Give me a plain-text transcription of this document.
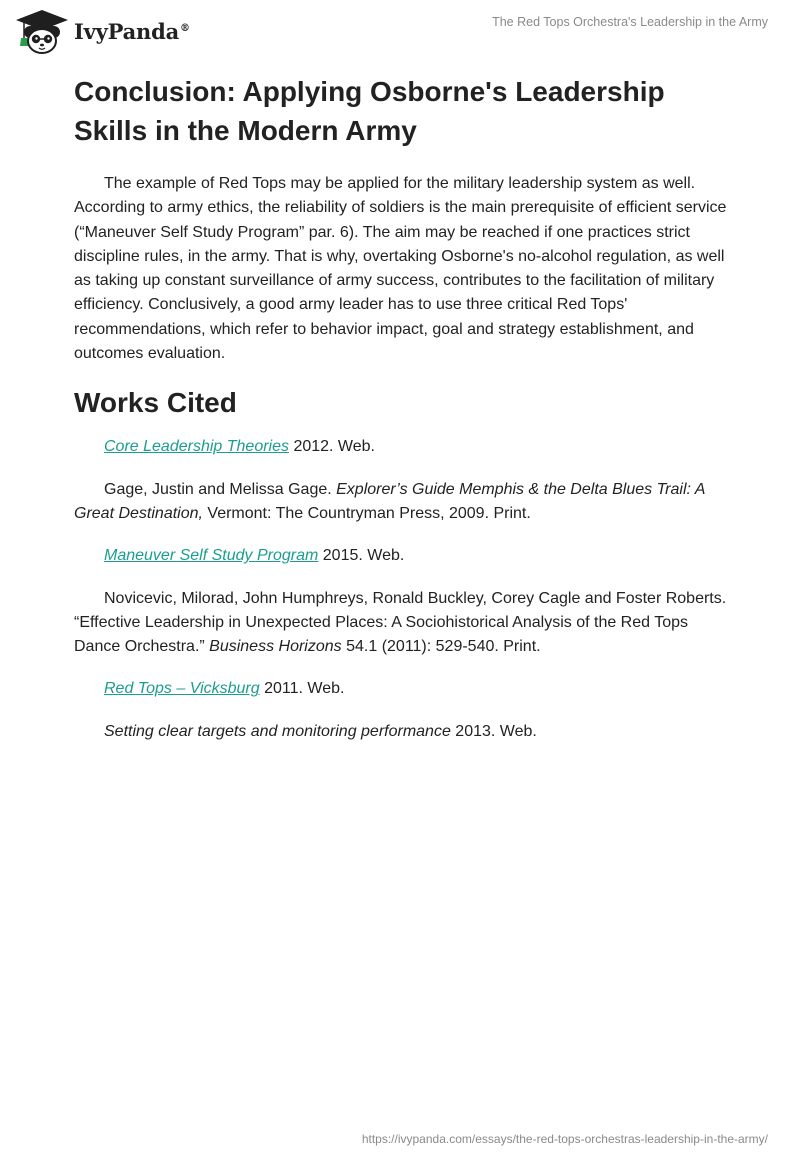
IvyPanda®	The Red Tops Orchestra's Leadership in the Army
Conclusion: Applying Osborne's Leadership Skills in the Modern Army

The example of Red Tops may be applied for the military leadership system as well. According to army ethics, the reliability of soldiers is the main prerequisite of efficient service (“Maneuver Self Study Program” par. 6). The aim may be reached if one practices strict discipline rules, in the army. That is why, overtaking Osborne's no-alcohol regulation, as well as taking up constant surveillance of army success, contributes to the facilitation of military efficiency. Conclusively, a good army leader has to use three critical Red Tops' recommendations, which refer to behavior impact, goal and strategy establishment, and outcomes evaluation.

Works Cited

Core Leadership Theories 2012. Web.

Gage, Justin and Melissa Gage. Explorer’s Guide Memphis & the Delta Blues Trail: A Great Destination, Vermont: The Countryman Press, 2009. Print.

Maneuver Self Study Program 2015. Web.

Novicevic, Milorad, John Humphreys, Ronald Buckley, Corey Cagle and Foster Roberts. “Effective Leadership in Unexpected Places: A Sociohistorical Analysis of the Red Tops Dance Orchestra.” Business Horizons 54.1 (2011): 529-540. Print.

Red Tops – Vicksburg 2011. Web.

Setting clear targets and monitoring performance 2013. Web.

https://ivypanda.com/essays/the-red-tops-orchestras-leadership-in-the-army/
